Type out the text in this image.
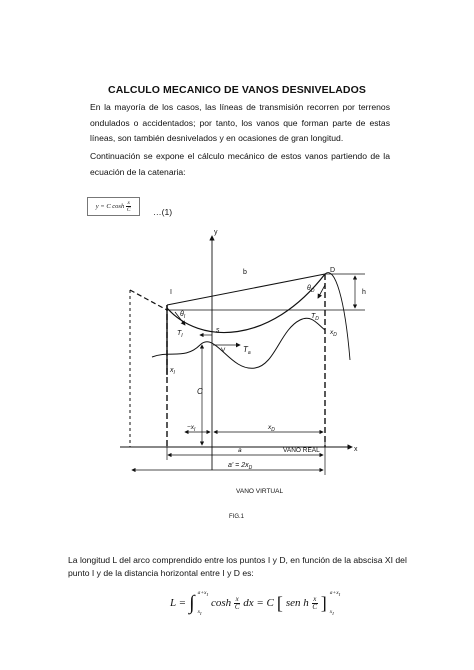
CALCULO MECANICO DE VANOS DESNIVELADOS
En la mayoría de los casos, las líneas de transmisión recorren por terrenos ondulados o accidentados; por tanto, los vanos que forman parte de estas líneas, son también desnivelados y en ocasiones de gran longitud.
Continuación se expone el cálculo mecánico de estos vanos partiendo de la ecuación de la catenaria:
y = C $\cosh \frac{x}{C}$	…(1)
y
x
h
b	D
I
$\theta_I$
$\theta_D$
$T_I$
$T_D$
s
V $T_a$
$x_D$
$x_I$
C
$-x_I$	$x_D$
a	VANO REAL
$a' = 2x_D$
VANO VIRTUAL
FIG.1
La longitud L del arco comprendido entre los puntos I y D, en función de la abscisa XI del punto I y de la distancia horizontal entre I y D es:
L = ∫ $a+x_I$
$x_I$
cosh x
C dx = C [ sen h x
C ] $a+x_I$
$x_I$
